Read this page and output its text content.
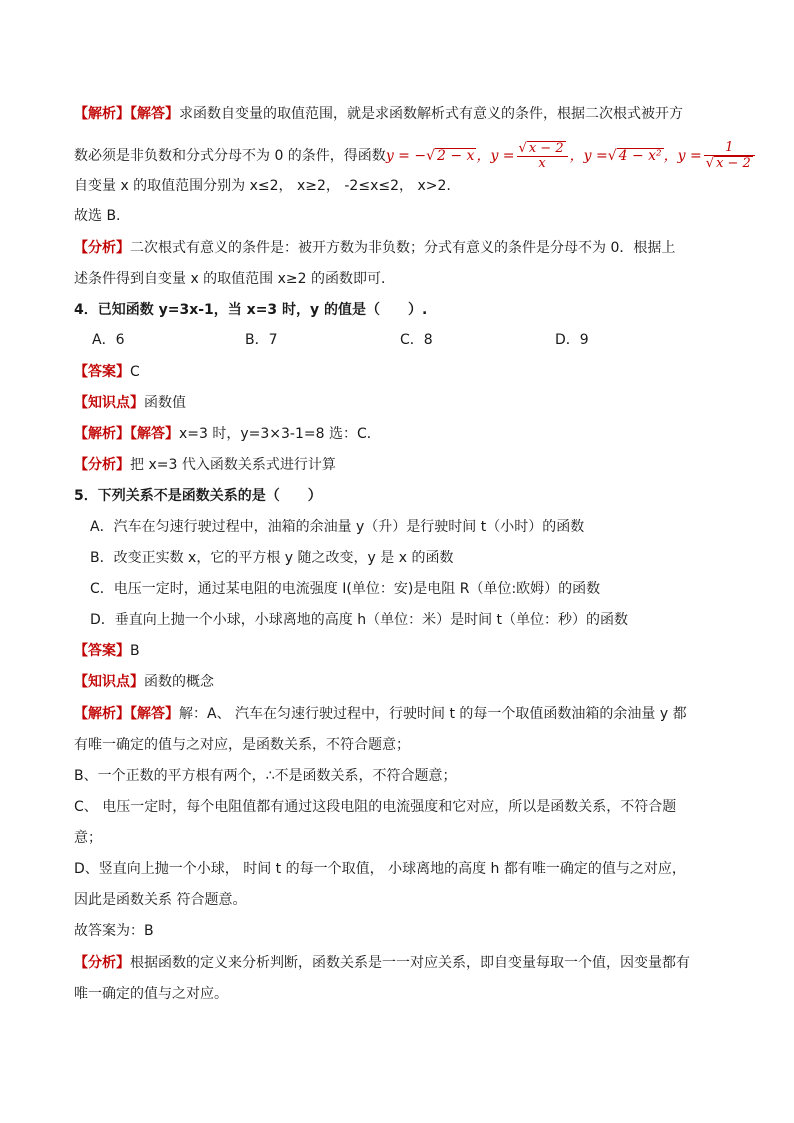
【解析】【解答】求函数自变量的取值范围，就是求函数解析式有意义的条件，根据二次根式被开方
数必须是非负数和分式分母不为 0 的条件，得函数y = −√ 2 − x ，$y = \frac{√ x - 2}{x}$ ，y =√ 4 − x² ，$y = \frac{1}{√ x - 2}$
自变量 x 的取值范围分别为 x≤2， x≥2， -2≤x≤2， x>2.
故选 B.
【分析】二次根式有意义的条件是：被开方数为非负数；分式有意义的条件是分母不为 0．根据上
述条件得到自变量 x 的取值范围 x≥2 的函数即可．
4．已知函数 y=3x-1，当 x=3 时，y 的值是（　　）.
A．6	B．7	C．8	D．9
【答案】C
【知识点】函数值
【解析】【解答】x=3 时，y=3×3-1=8 选：C．
【分析】把 x=3 代入函数关系式进行计算
5．下列关系不是函数关系的是（　　）
A．汽车在匀速行驶过程中，油箱的余油量 y（升）是行驶时间 t（小时）的函数
B．改变正实数 x，它的平方根 y 随之改变，y 是 x 的函数
C．电压一定时，通过某电阻的电流强度 I(单位：安)是电阻 R（单位:欧姆）的函数
D．垂直向上抛一个小球，小球离地的高度 h（单位：米）是时间 t（单位：秒）的函数
【答案】B
【知识点】函数的概念
【解析】【解答】解：A、 汽车在匀速行驶过程中，行驶时间 t 的每一个取值函数油箱的余油量 y 都
有唯一确定的值与之对应，是函数关系，不符合题意；
B、一个正数的平方根有两个，∴不是函数关系，不符合题意；
C、 电压一定时，每个电阻值都有通过这段电阻的电流强度和它对应，所以是函数关系，不符合题
意；
D、竖直向上抛一个小球， 时间 t 的每一个取值， 小球离地的高度 h 都有唯一确定的值与之对应，
因此是函数关系 符合题意。
故答案为：B
【分析】根据函数的定义来分析判断，函数关系是一一对应关系，即自变量每取一个值，因变量都有
唯一确定的值与之对应。
